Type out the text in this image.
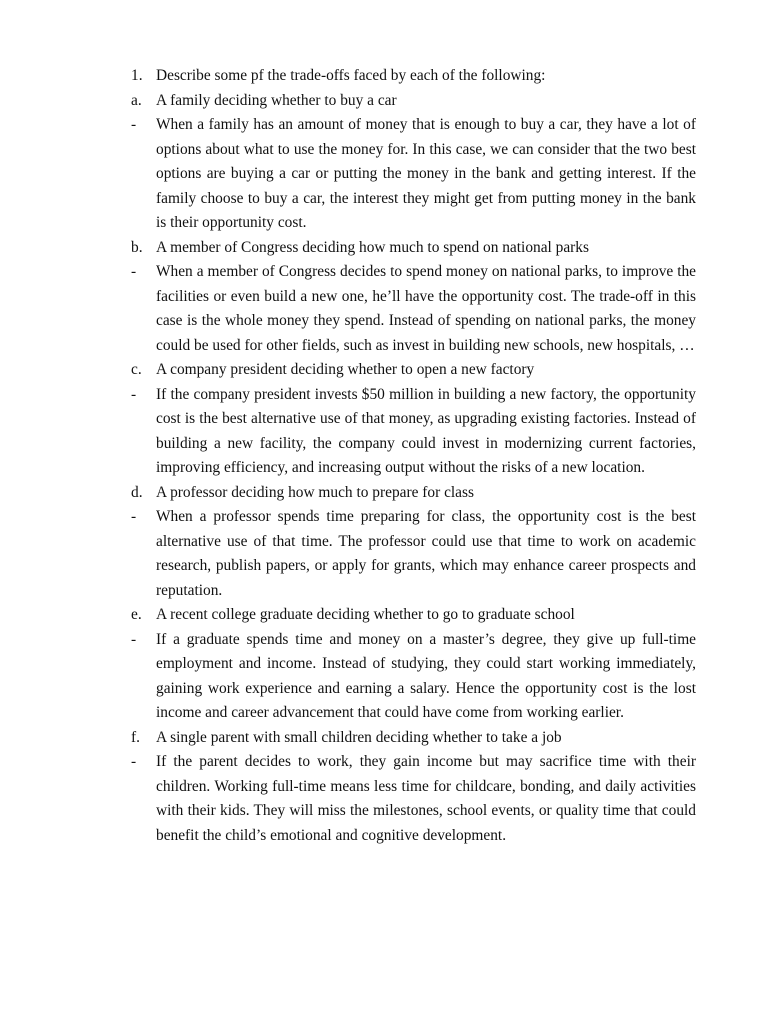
1. Describe some pf the trade-offs faced by each of the following:
a. A family deciding whether to buy a car
-	When a family has an amount of money that is enough to buy a car, they have a lot of options about what to use the money for. In this case, we can consider that the two best options are buying a car or putting the money in the bank and getting interest. If the family choose to buy a car, the interest they might get from putting money in the bank is their opportunity cost.
b. A member of Congress deciding how much to spend on national parks
-	When a member of Congress decides to spend money on national parks, to improve the facilities or even build a new one, he’ll have the opportunity cost. The trade-off in this case is the whole money they spend. Instead of spending on national parks, the money could be used for other fields, such as invest in building new schools, new hospitals, …
c. A company president deciding whether to open a new factory
-	If the company president invests $50 million in building a new factory, the opportunity cost is the best alternative use of that money, as upgrading existing factories. Instead of building a new facility, the company could invest in modernizing current factories, improving efficiency, and increasing output without the risks of a new location.
d. A professor deciding how much to prepare for class
-	When a professor spends time preparing for class, the opportunity cost is the best alternative use of that time. The professor could use that time to work on academic research, publish papers, or apply for grants, which may enhance career prospects and reputation.
e. A recent college graduate deciding whether to go to graduate school
-	If a graduate spends time and money on a master’s degree, they give up full-time employment and income. Instead of studying, they could start working immediately, gaining work experience and earning a salary. Hence the opportunity cost is the lost income and career advancement that could have come from working earlier.
f.	A single parent with small children deciding whether to take a job
-	If the parent decides to work, they gain income but may sacrifice time with their children. Working full-time means less time for childcare, bonding, and daily activities with their kids. They will miss the milestones, school events, or quality time that could benefit the child’s emotional and cognitive development.
